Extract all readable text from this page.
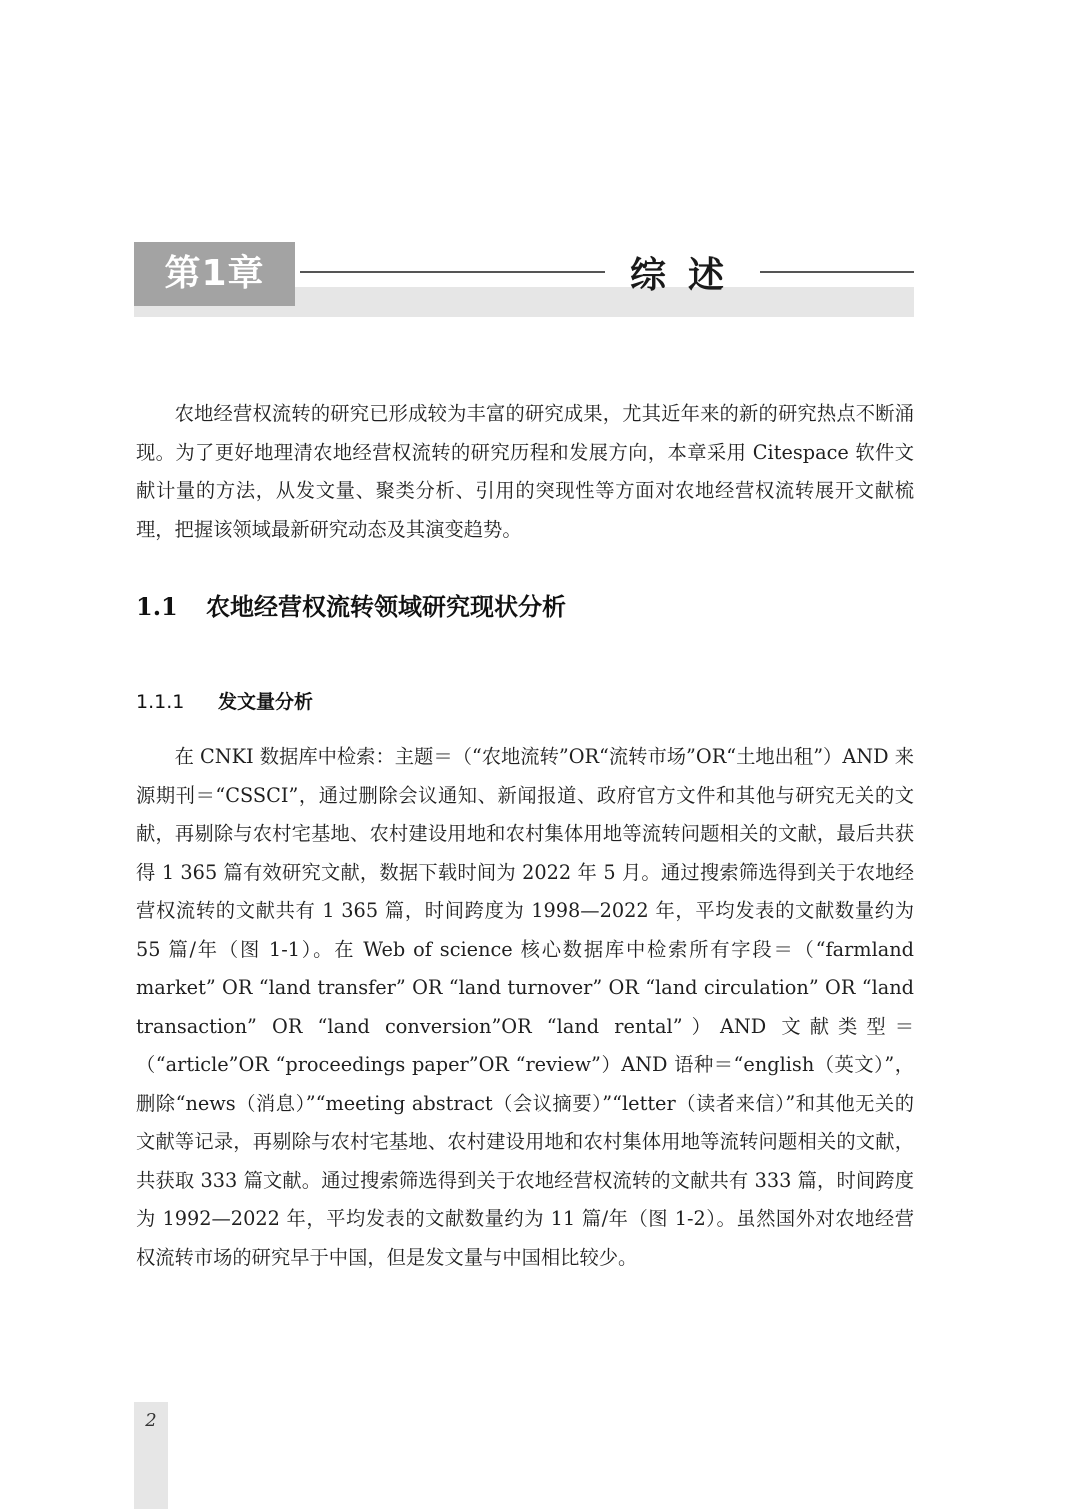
第1章	综述

农地经营权流转的研究已形成较为丰富的研究成果，尤其近年来的新的研究热点不断涌现。为了更好地理清农地经营权流转的研究历程和发展方向，本章采用 Citespace 软件文献计量的方法，从发文量、聚类分析、引用的突现性等方面对农地经营权流转展开文献梳理，把握该领域最新研究动态及其演变趋势。

1.1 农地经营权流转领域研究现状分析
1.1.1 发文量分析

在 CNKI 数据库中检索：主题＝（“农地流转”OR“流转市场”OR“土地出租”）AND 来源期刊＝“CSSCI”，通过删除会议通知、新闻报道、政府官方文件和其他与研究无关的文献，再剔除与农村宅基地、农村建设用地和农村集体用地等流转问题相关的文献，最后共获得 1 365 篇有效研究文献，数据下载时间为 2022 年 5 月。通过搜索筛选得到关于农地经营权流转的文献共有 1 365 篇，时间跨度为 1998—2022 年，平均发表的文献数量约为 55 篇/年（图 1-1）。在 Web of science 核心数据库中检索所有字段＝（“farmland market” OR “land transfer” OR “land turnover” OR “land circulation” OR “land transaction” OR “land conversion”OR “land rental”）AND 文献类型＝（“article”OR “proceedings paper”OR “review”）AND 语种＝“english（英文）”，删除“news（消息）”“meeting abstract（会议摘要）”“letter（读者来信）”和其他无关的文献等记录，再剔除与农村宅基地、农村建设用地和农村集体用地等流转问题相关的文献，共获取 333 篇文献。通过搜索筛选得到关于农地经营权流转的文献共有 333 篇，时间跨度为 1992—2022 年，平均发表的文献数量约为 11 篇/年（图 1-2）。虽然国外对农地经营权流转市场的研究早于中国，但是发文量与中国相比较少。

2
